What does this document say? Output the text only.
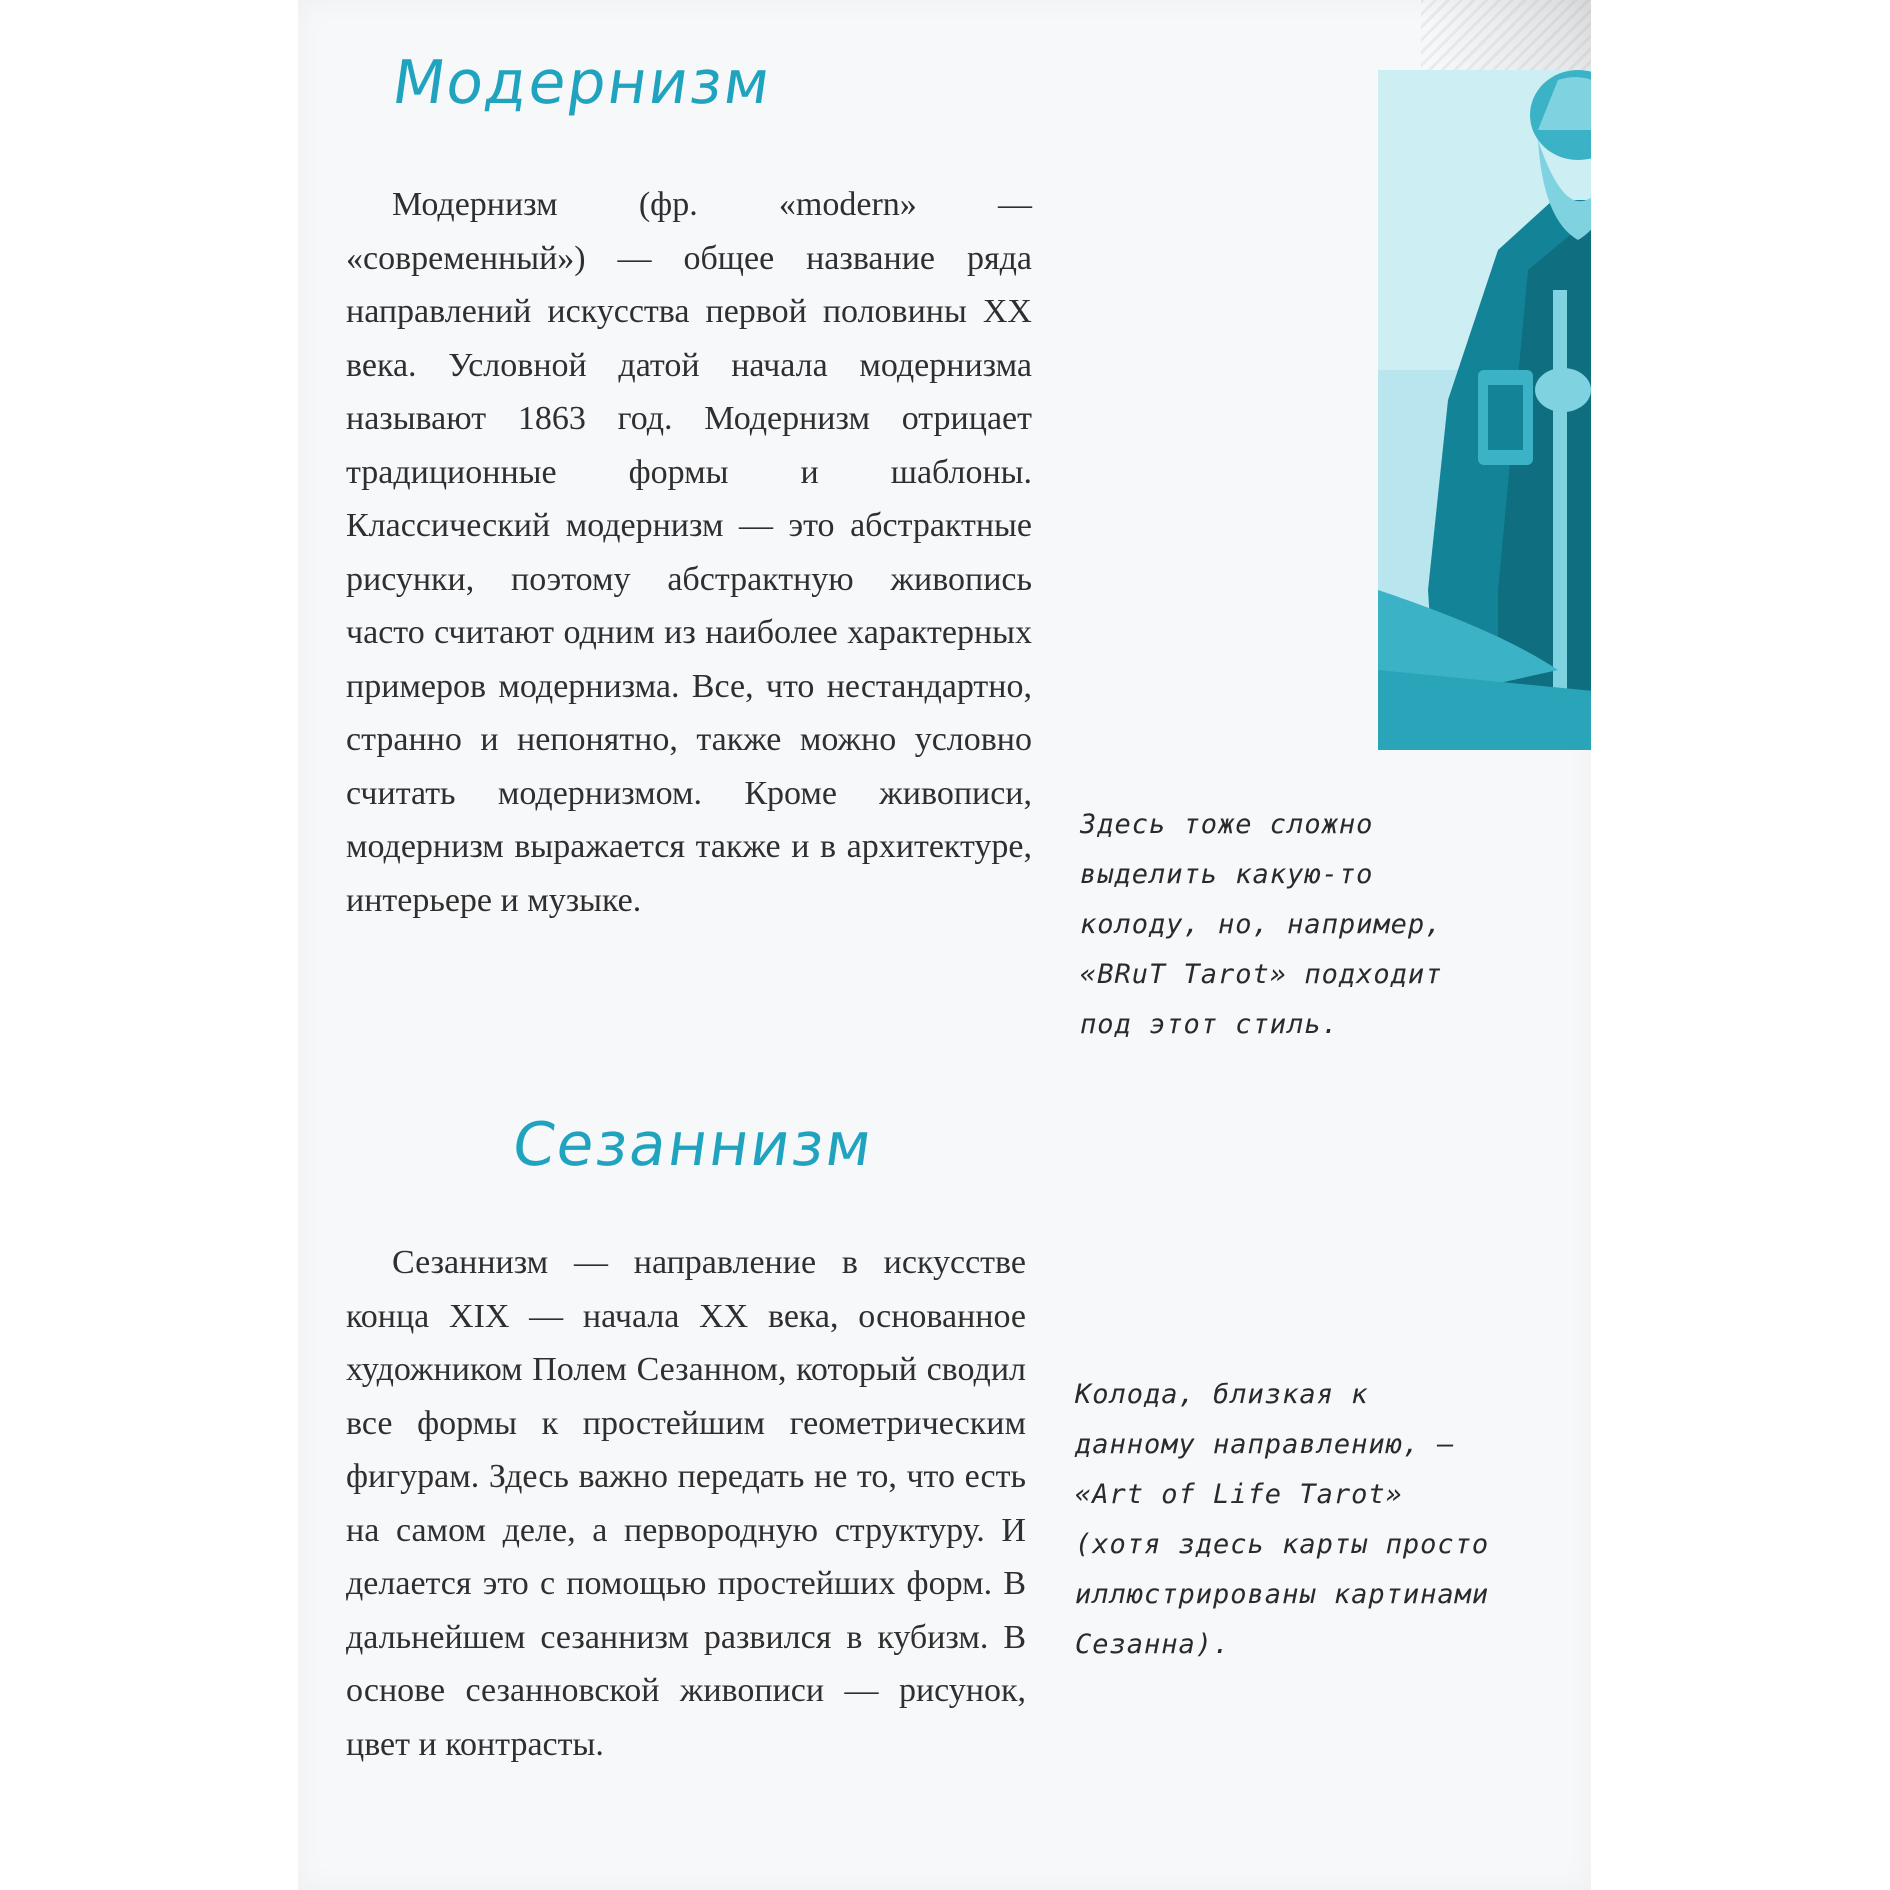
Модернизм

Модернизм (фр. «modern» — «современный») — общее название ряда направлений искусства первой половины XX века. Условной датой начала модернизма называют 1863 год. Модернизм отрицает традиционные формы и шаблоны. Классический модернизм — это абстрактные рисунки, поэтому абстрактную живопись часто считают одним из наиболее характерных примеров модернизма. Все, что нестандартно, странно и непонятно, также можно условно считать модернизмом. Кроме живописи, модернизм выражается также и в архитектуре, интерьере и музыке.

Здесь тоже сложно выделить какую-то колоду, но, например, «BRuT Tarot» подходит под этот стиль.

Сезаннизм

Сезаннизм — направление в искусстве конца XIX — начала XX века, основанное художником Полем Сезанном, который сводил все формы к простейшим геометрическим фигурам. Здесь важно передать не то, что есть на самом деле, а первородную структуру. И делается это с помощью простейших форм. В дальнейшем сезаннизм развился в кубизм. В основе сезанновской живописи — рисунок, цвет и контрасты.

Колода, близкая к данному направлению, — «Art of Life Tarot» (хотя здесь карты просто иллюстрированы картинами Сезанна).
